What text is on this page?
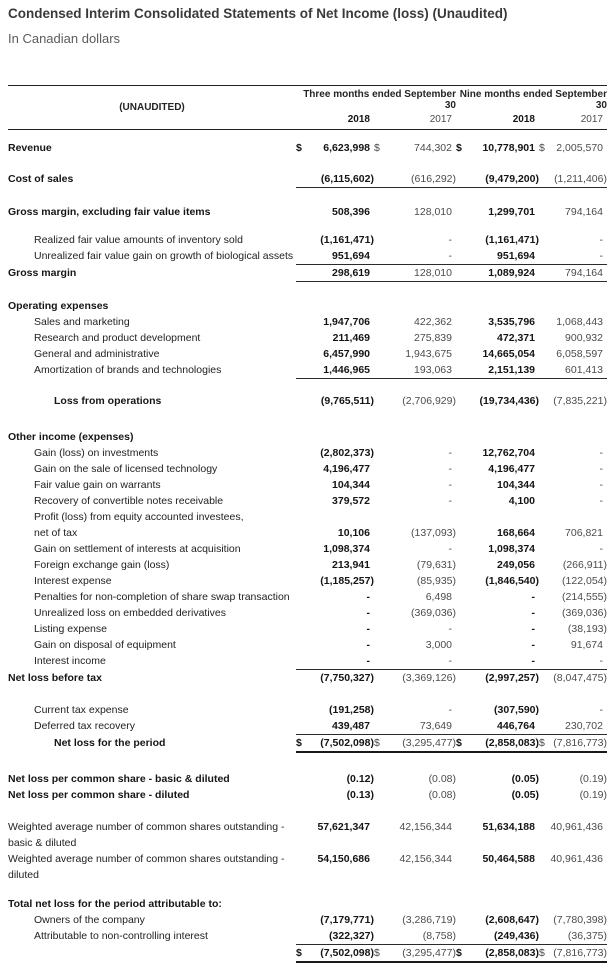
Condensed Interim Consolidated Statements of Net Income (loss) (Unaudited)
In Canadian dollars
(UNAUDITED)
Three months ended September 30
Nine months ended September 30
2018	2017	2018	2017
Revenue	$	6,623,998 $	744,302 $	10,778,901 $	2,005,570
Cost of sales	(6,115,602)	(616,292)	(9,479,200)	(1,211,406)
Gross margin, excluding fair value items	508,396	128,010	1,299,701	794,164
Realized fair value amounts of inventory sold	(1,161,471)	-	(1,161,471)	-
Unrealized fair value gain on growth of biological assets	951,694	-	951,694	-
Gross margin	298,619	128,010	1,089,924	794,164
Operating expenses
Sales and marketing	1,947,706	422,362	3,535,796	1,068,443
Research and product development	211,469	275,839	472,371	900,932
General and administrative	6,457,990	1,943,675	14,665,054	6,058,597
Amortization of brands and technologies	1,446,965	193,063	2,151,139	601,413
Loss from operations	(9,765,511)	(2,706,929)	(19,734,436)	(7,835,221)
Other income (expenses)
Gain (loss) on investments	(2,802,373)	-	12,762,704	-
Gain on the sale of licensed technology	4,196,477	-	4,196,477	-
Fair value gain on warrants	104,344	-	104,344	-
Recovery of convertible notes receivable	379,572	-	4,100	-
Profit (loss) from equity accounted investees,
net of tax	10,106	(137,093)	168,664	706,821
Gain on settlement of interests at acquisition	1,098,374	-	1,098,374	-
Foreign exchange gain (loss)	213,941	(79,631)	249,056	(266,911)
Interest expense	(1,185,257)	(85,935)	(1,846,540)	(122,054)
Penalties for non-completion of share swap transaction	-	6,498	-	(214,555)
Unrealized loss on embedded derivatives	-	(369,036)	-	(369,036)
Listing expense	-	-	-	(38,193)
Gain on disposal of equipment	-	3,000	-	91,674
Interest income	-	-	-	-
Net loss before tax	(7,750,327)	(3,369,126)	(2,997,257)	(8,047,475)
Current tax expense	(191,258)	-	(307,590)	-
Deferred tax recovery	439,487	73,649	446,764	230,702
Net loss for the period	$	(7,502,098) $	(3,295,477) $	(2,858,083) $ (7,816,773)
Net loss per common share - basic & diluted	(0.12)	(0.08)	(0.05)	(0.19)
Net loss per common share - diluted	(0.13)	(0.08)	(0.05)	(0.19)
Weighted average number of common shares outstanding - basic & diluted
57,621,347	42,156,344	51,634,188	40,961,436
Weighted average number of common shares outstanding - diluted
54,150,686	42,156,344	50,464,588	40,961,436
Total net loss for the period attributable to:
Owners of the company	(7,179,771)	(3,286,719)	(2,608,647)	(7,780,398)
Attributable to non-controlling interest	(322,327)	(8,758)	(249,436)	(36,375)
$	(7,502,098) $	(3,295,477) $	(2,858,083) $ (7,816,773)
